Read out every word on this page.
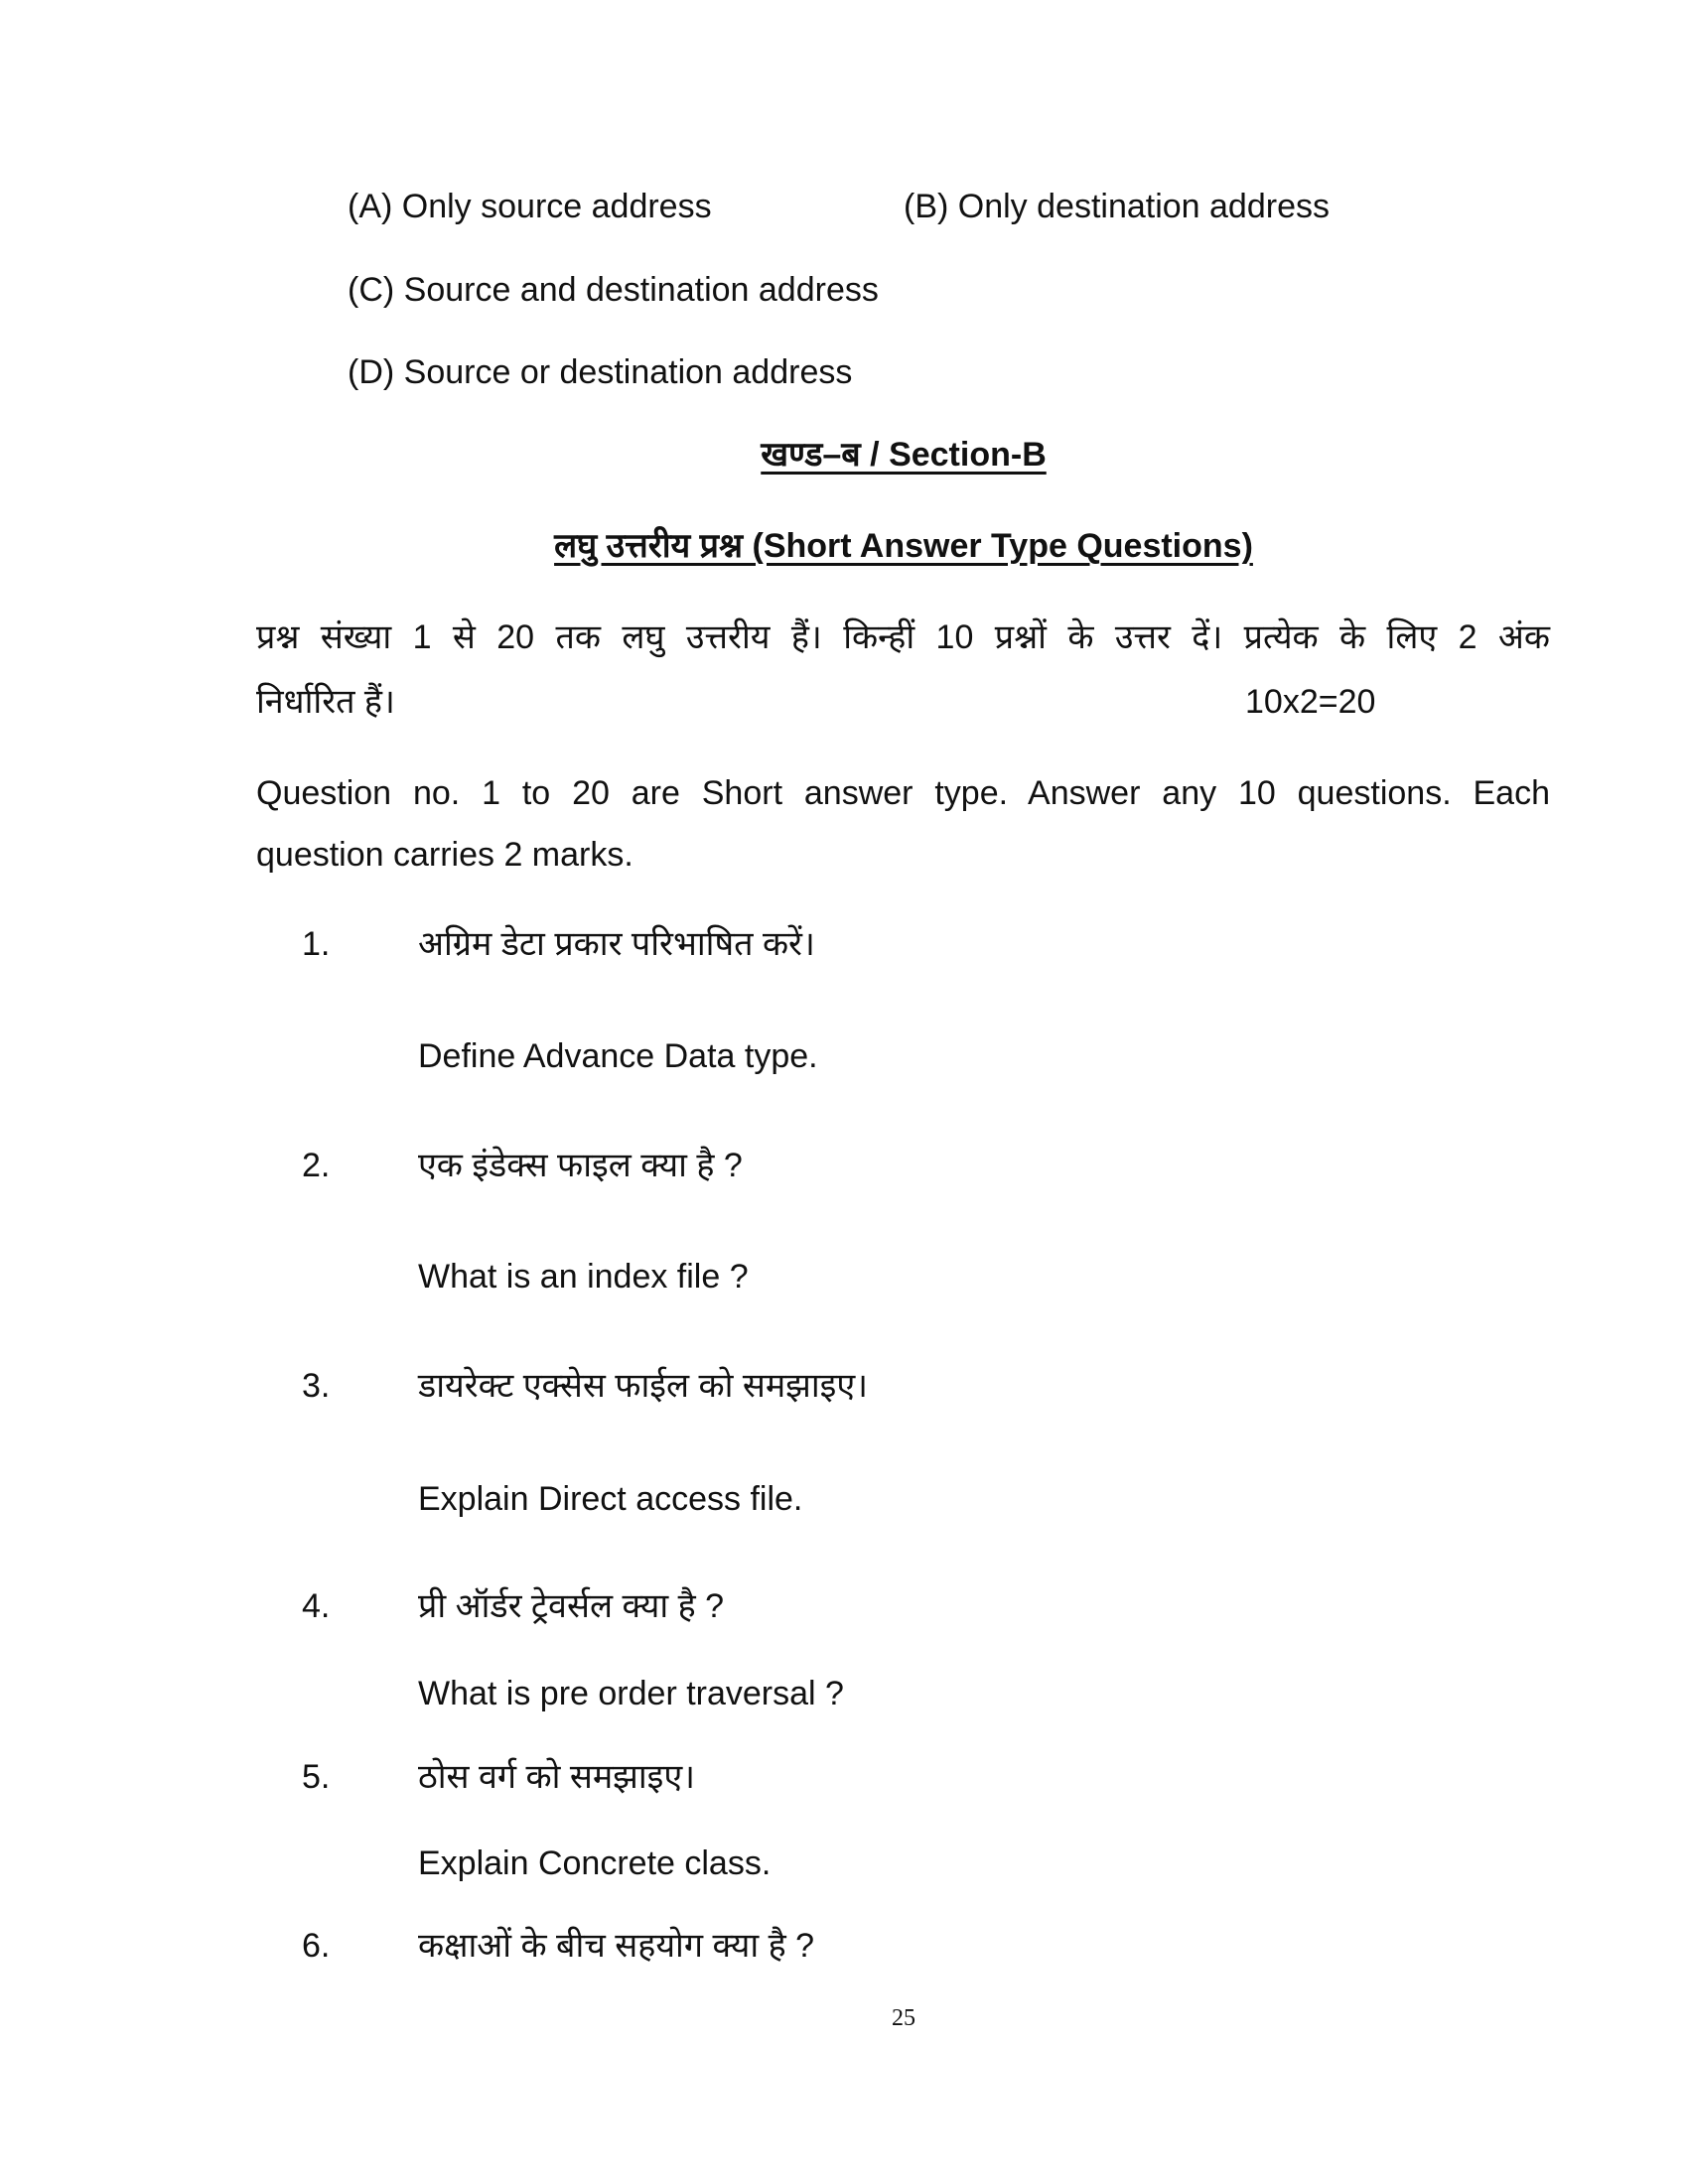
(A) Only source address	(B) Only destination address
(C) Source and destination address
(D) Source or destination address
खण्ड–ब / Section-B
लघु उत्तरीय प्रश्न (Short Answer Type Questions)
प्रश्न संख्या 1 से 20 तक लघु उत्तरीय हैं। किन्हीं 10 प्रश्नों के उत्तर दें। प्रत्येक के लिए 2 अंक
निर्धारित हैं।	10x2=20
Question no. 1 to 20 are Short answer type. Answer any 10 questions. Each
question carries 2 marks.
1.	अग्रिम डेटा प्रकार परिभाषित करें।
Define Advance Data type.
2.	एक इंडेक्स फाइल क्या है ?
What is an index file ?
3.	डायरेक्ट एक्सेस फाईल को समझाइए।
Explain Direct access file.
4.	प्री ऑर्डर ट्रेवर्सल क्या है ?
What is pre order traversal ?
5.	ठोस वर्ग को समझाइए।
Explain Concrete class.
6.	कक्षाओं के बीच सहयोग क्या है ?
25
